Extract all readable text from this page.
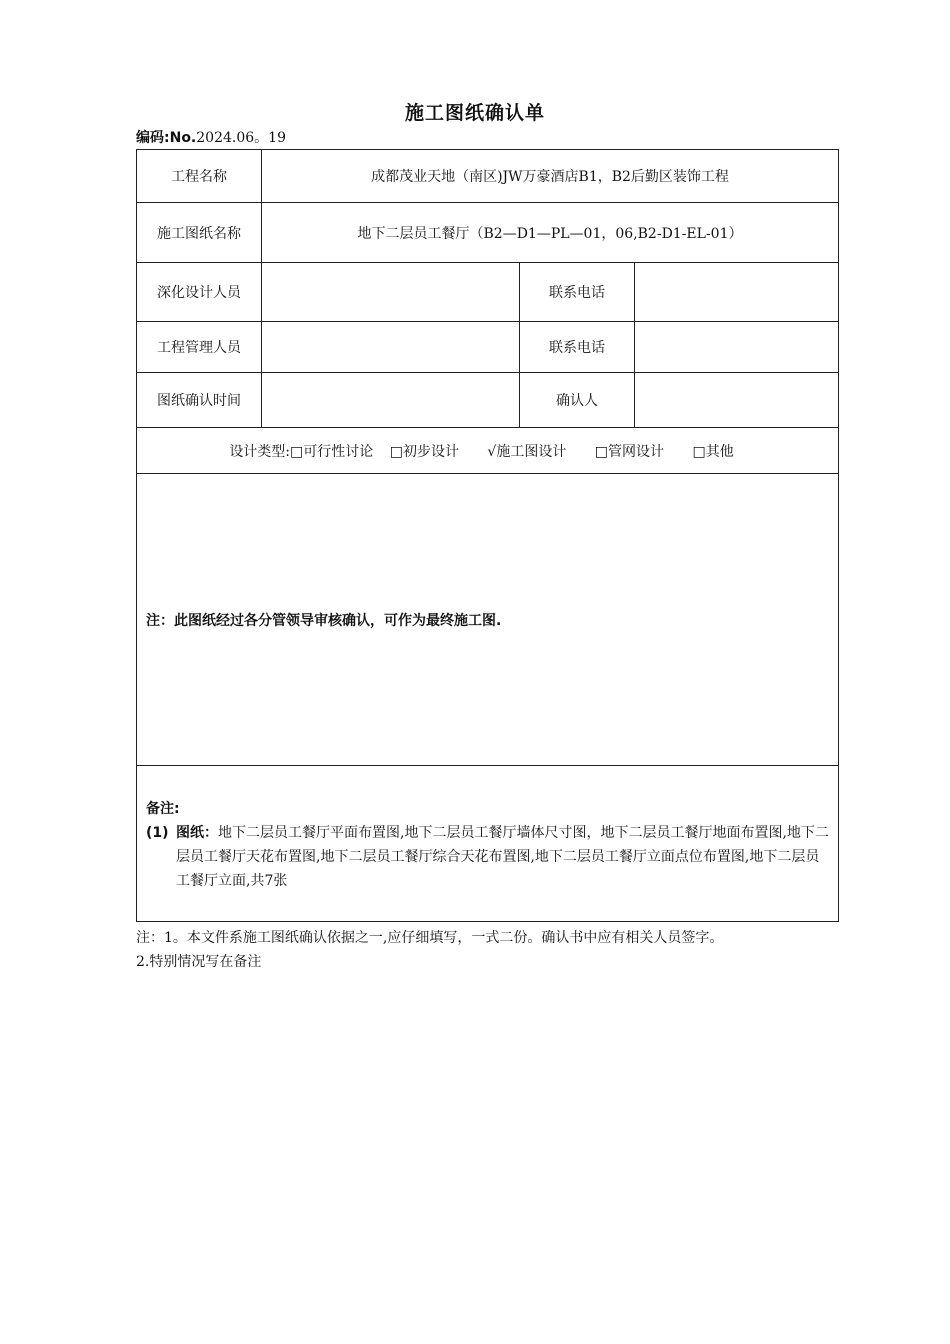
施工图纸确认单
编码:No.2024.06。19
工程名称	成都茂业天地（南区)JW万豪酒店B1，B2后勤区装饰工程		
施工图纸名称	地下二层员工餐厅（B2—D1—PL—01，06,B2-D1-EL-01）		
深化设计人员		联系电话	
工程管理人员		联系电话	
图纸确认时间		确认人	
设计类型:□可行性讨论 □初步设计 √施工图设计 □管网设计 □其他			

注：此图纸经过各分管领导审核确认，可作为最终施工图.			

备注:
(1) 图纸：地下二层员工餐厅平面布置图,地下二层员工餐厅墙体尺寸图，地下二层员工餐厅地面布置图,地下二层员工餐厅天花布置图,地下二层员工餐厅综合天花布置图,地下二层员工餐厅立面点位布置图,地下二层员工餐厅立面,共7张			
注：1。本文件系施工图纸确认依据之一,应仔细填写，一式二份。确认书中应有相关人员签字。
2.特别情况写在备注
